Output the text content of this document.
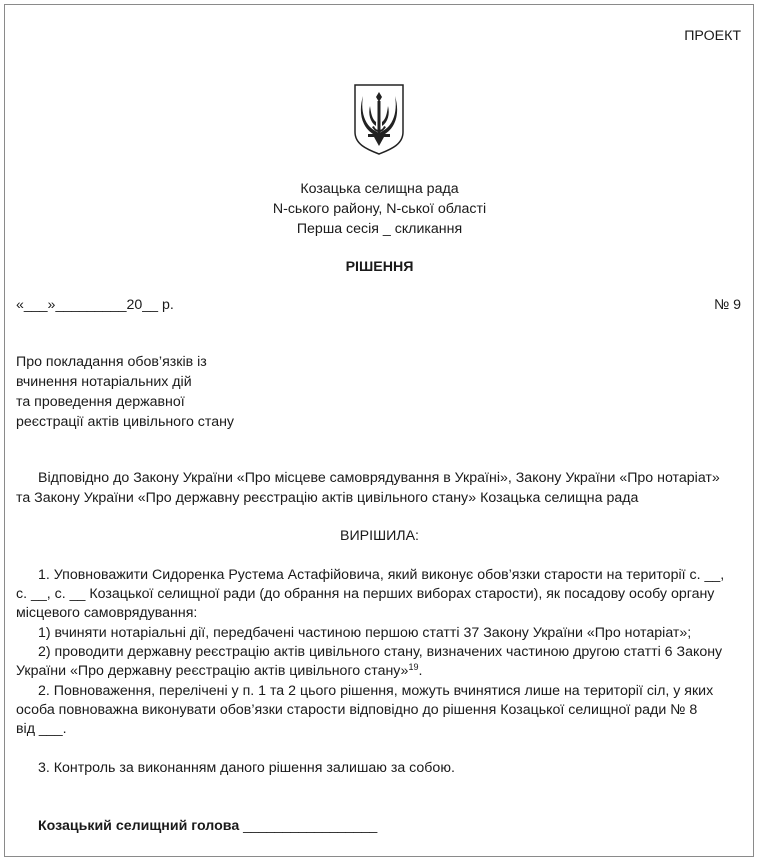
ПРОЕКТ
Козацька селищна рада
N-ського району, N-ської області
Перша сесія _ скликання
РІШЕННЯ
«___»_________20__ р.	№ 9
Про покладання обов’язків із
вчинення нотаріальних дій
та проведення державної
реєстрації актів цивільного стану
Відповідно до Закону України «Про місцеве самоврядування в Україні», Закону України «Про нотаріат»
та Закону України «Про державну реєстрацію актів цивільного стану» Козацька селищна рада
ВИРІШИЛА:
1. Уповноважити Сидоренка Рустема Астафійовича, який виконує обов’язки старости на території с. __,
с. __, с. __ Козацької селищної ради (до обрання на перших виборах старости), як посадову особу органу
місцевого самоврядування:
1) вчиняти нотаріальні дії, передбачені частиною першою статті 37 Закону України «Про нотаріат»;
2) проводити державну реєстрацію актів цивільного стану, визначених частиною другою статті 6 Закону
України «Про державну реєстрацію актів цивільного стану»$^{19}$.
2. Повноваження, перелічені у п. 1 та 2 цього рішення, можуть вчинятися лише на території сіл, у яких
особа повноважна виконувати обов’язки старости відповідно до рішення Козацької селищної ради № 8
від ___.
3. Контроль за виконанням даного рішення залишаю за собою.
Козацький селищний голова _________________
